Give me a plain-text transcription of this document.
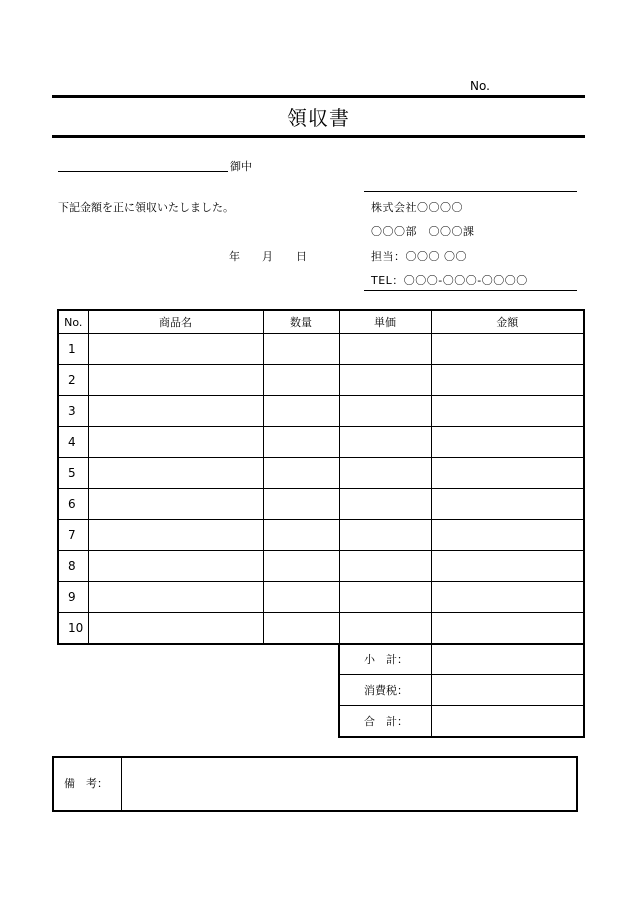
No.
領収書
御中
下記金額を正に領収いたしました。
年 月 日
株式会社〇〇〇〇
〇〇〇部　〇〇〇課
担当：〇〇〇 〇〇
TEL：〇〇〇-〇〇〇-〇〇〇〇
No.	商品名	数量	単価	金額
1				
2				
3				
4				
5				
6				
7				
8				
9				
10				
小　計：	
消費税：	
合　計：	
備　考：
